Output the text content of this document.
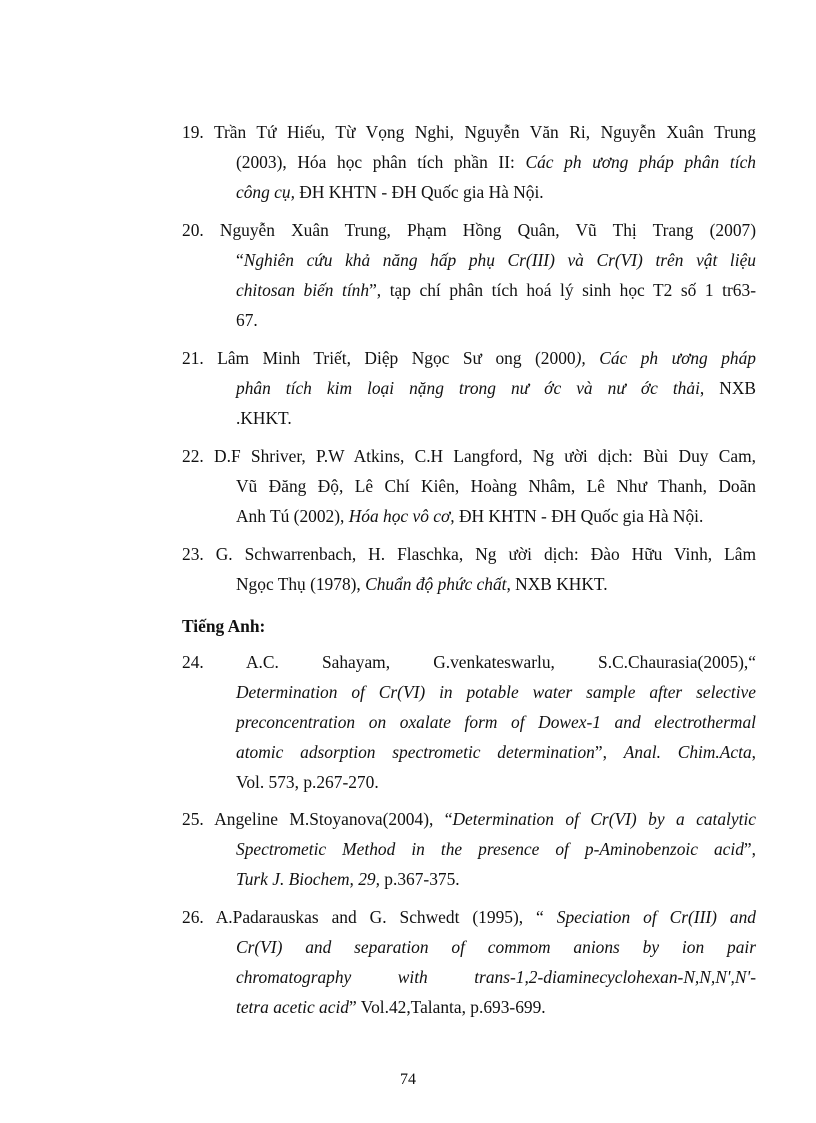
19. Trần Tứ Hiếu, Từ Vọng Nghi, Nguyễn Văn Ri, Nguyễn Xuân Trung
(2003), Hóa học phân tích phần II: Các ph ương pháp phân tích
công cụ, ĐH KHTN - ĐH Quốc gia Hà Nội.
20. Nguyễn Xuân Trung, Phạm Hồng Quân, Vũ Thị Trang (2007)
“Nghiên cứu khả năng hấp phụ Cr(III) và Cr(VI) trên vật liệu
chitosan biến tính”, tạp chí phân tích hoá lý sinh học T2 số 1 tr63-
67.
21. Lâm Minh Triết, Diệp Ngọc Sư ong (2000), Các ph ương pháp
phân tích kim loại nặng trong nư ớc và nư ớc thải, NXB
.KHKT.
22. D.F Shriver, P.W Atkins, C.H Langford, Ng ười dịch: Bùi Duy Cam,
Vũ Đăng Độ, Lê Chí Kiên, Hoàng Nhâm, Lê Như Thanh, Doãn
Anh Tú (2002), Hóa học vô cơ, ĐH KHTN - ĐH Quốc gia Hà Nội.
23. G. Schwarrenbach, H. Flaschka, Ng ười dịch: Đào Hữu Vinh, Lâm
Ngọc Thụ (1978), Chuẩn độ phức chất, NXB KHKT.
Tiếng Anh:
24. A.C. Sahayam, G.venkateswarlu, S.C.Chaurasia(2005),“
Determination of Cr(VI) in potable water sample after selective
preconcentration on oxalate form of Dowex-1 and electrothermal
atomic adsorption spectrometic determination”, Anal. Chim.Acta,
Vol. 573, p.267-270.
25. Angeline M.Stoyanova(2004), “Determination of Cr(VI) by a catalytic
Spectrometic Method in the presence of p-Aminobenzoic acid”,
Turk J. Biochem, 29, p.367-375.
26. A.Padarauskas and G. Schwedt (1995), “ Speciation of Cr(III) and
Cr(VI) and separation of commom anions by ion pair
chromatography with trans-1,2-diaminecyclohexan-N,N,N',N'-
tetra acetic acid” Vol.42,Talanta, p.693-699.
74
